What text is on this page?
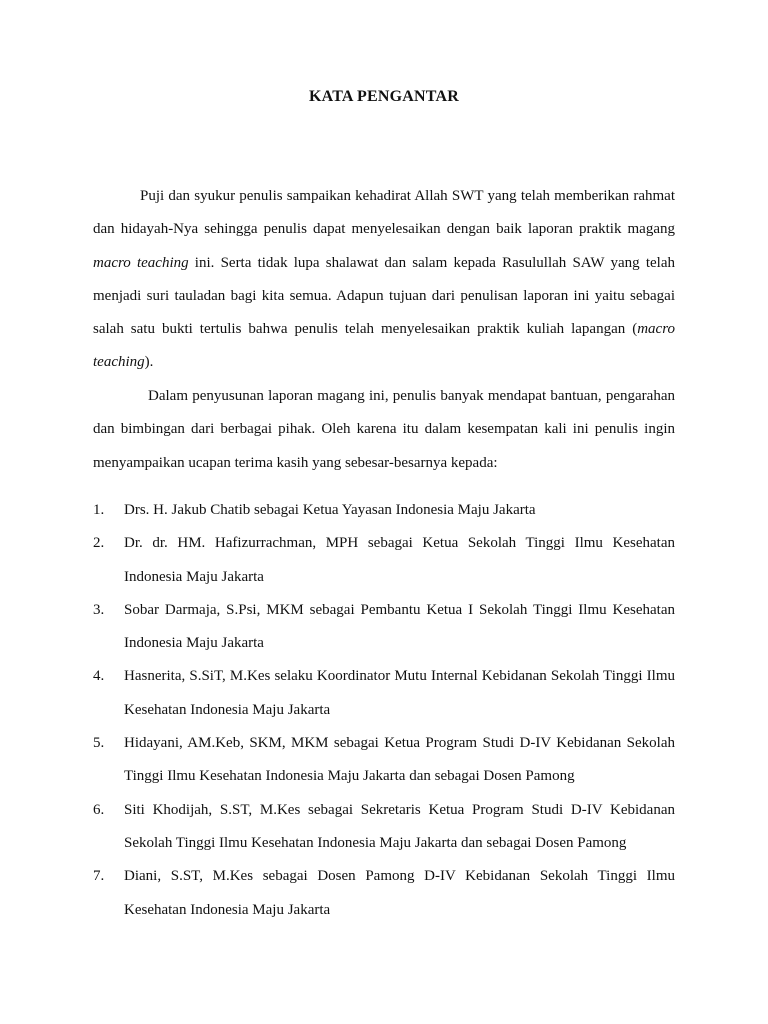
KATA PENGANTAR

Puji dan syukur penulis sampaikan kehadirat Allah SWT yang telah memberikan rahmat dan hidayah-Nya sehingga penulis dapat menyelesaikan dengan baik laporan praktik magang macro teaching ini. Serta tidak lupa shalawat dan salam kepada Rasulullah SAW yang telah menjadi suri tauladan bagi kita semua. Adapun tujuan dari penulisan laporan ini yaitu sebagai salah satu bukti tertulis bahwa penulis telah menyelesaikan praktik kuliah lapangan (macro teaching).

Dalam penyusunan laporan magang ini, penulis banyak mendapat bantuan, pengarahan dan bimbingan dari berbagai pihak. Oleh karena itu dalam kesempatan kali ini penulis ingin menyampaikan ucapan terima kasih yang sebesar-besarnya kepada:

1. Drs. H. Jakub Chatib sebagai Ketua Yayasan Indonesia Maju Jakarta
2. Dr. dr. HM. Hafizurrachman, MPH sebagai Ketua Sekolah Tinggi Ilmu Kesehatan Indonesia Maju Jakarta
3. Sobar Darmaja, S.Psi, MKM sebagai Pembantu Ketua I Sekolah Tinggi Ilmu Kesehatan Indonesia Maju Jakarta
4. Hasnerita, S.SiT, M.Kes selaku Koordinator Mutu Internal Kebidanan Sekolah Tinggi Ilmu Kesehatan Indonesia Maju Jakarta
5. Hidayani, AM.Keb, SKM, MKM sebagai Ketua Program Studi D-IV Kebidanan Sekolah Tinggi Ilmu Kesehatan Indonesia Maju Jakarta dan sebagai Dosen Pamong
6. Siti Khodijah, S.ST, M.Kes sebagai Sekretaris Ketua Program Studi D-IV Kebidanan Sekolah Tinggi Ilmu Kesehatan Indonesia Maju Jakarta dan sebagai Dosen Pamong
7. Diani, S.ST, M.Kes sebagai Dosen Pamong D-IV Kebidanan Sekolah Tinggi Ilmu Kesehatan Indonesia Maju Jakarta
